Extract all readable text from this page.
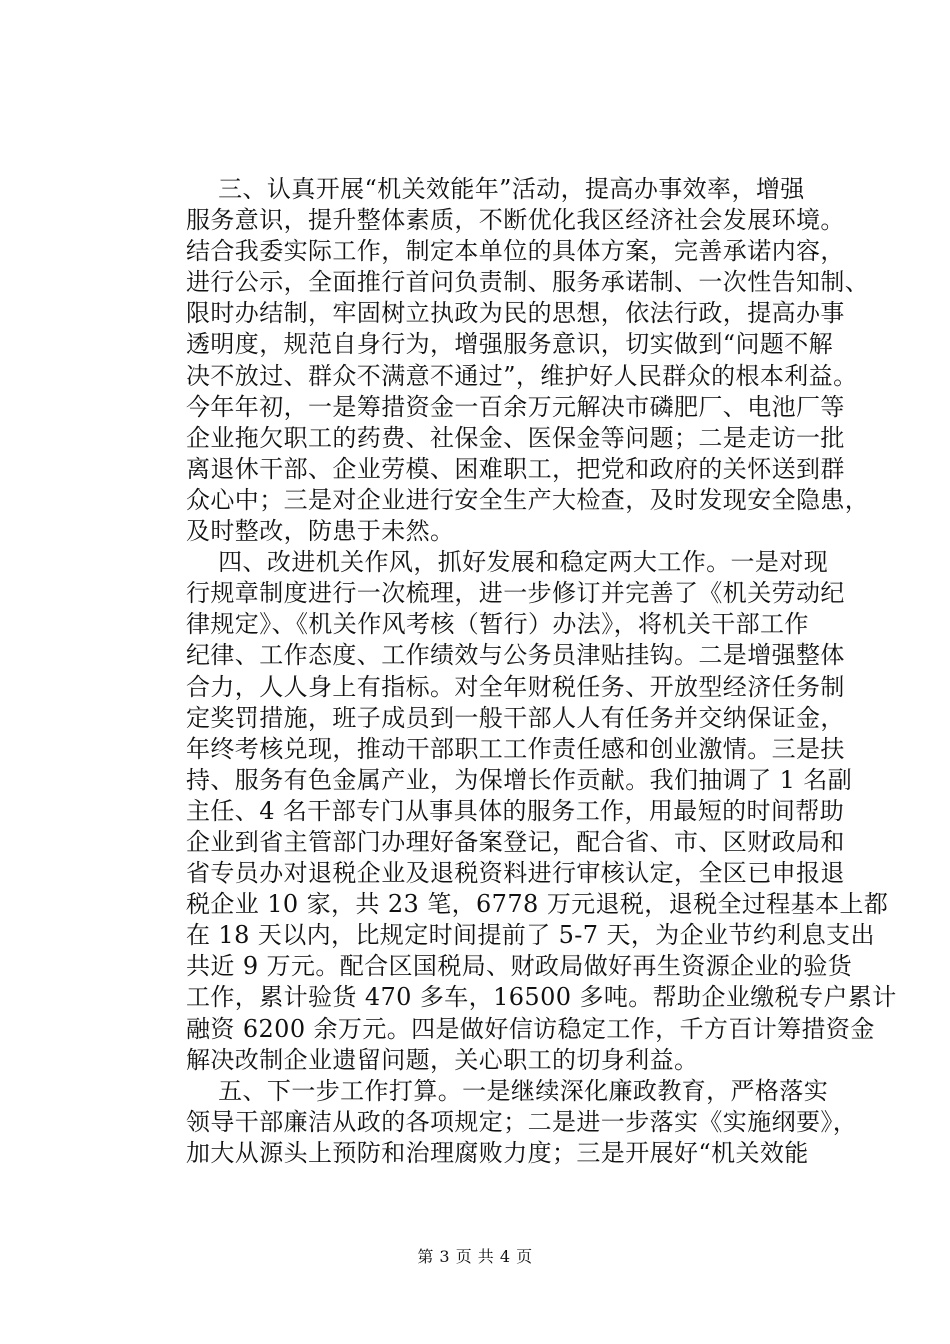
三、认真开展“机关效能年”活动，提高办事效率，增强
服务意识，提升整体素质，不断优化我区经济社会发展环境。
结合我委实际工作，制定本单位的具体方案，完善承诺内容，
进行公示，全面推行首问负责制、服务承诺制、一次性告知制、
限时办结制，牢固树立执政为民的思想，依法行政，提高办事
透明度，规范自身行为，增强服务意识，切实做到“问题不解
决不放过、群众不满意不通过”，维护好人民群众的根本利益。
今年年初，一是筹措资金一百余万元解决市磷肥厂、电池厂等
企业拖欠职工的药费、社保金、医保金等问题；二是走访一批
离退休干部、企业劳模、困难职工，把党和政府的关怀送到群
众心中；三是对企业进行安全生产大检查，及时发现安全隐患，
及时整改，防患于未然。
四、改进机关作风，抓好发展和稳定两大工作。一是对现
行规章制度进行一次梳理，进一步修订并完善了《机关劳动纪
律规定》、《机关作风考核（暂行）办法》，将机关干部工作
纪律、工作态度、工作绩效与公务员津贴挂钩。二是增强整体
合力，人人身上有指标。对全年财税任务、开放型经济任务制
定奖罚措施，班子成员到一般干部人人有任务并交纳保证金，
年终考核兑现，推动干部职工工作责任感和创业激情。三是扶
持、服务有色金属产业，为保增长作贡献。我们抽调了 1 名副
主任、4 名干部专门从事具体的服务工作，用最短的时间帮助
企业到省主管部门办理好备案登记，配合省、市、区财政局和
省专员办对退税企业及退税资料进行审核认定，全区已申报退
税企业 10 家，共 23 笔，6778 万元退税，退税全过程基本上都
在 18 天以内，比规定时间提前了 5-7 天，为企业节约利息支出
共近 9 万元。配合区国税局、财政局做好再生资源企业的验货
工作，累计验货 470 多车，16500 多吨。帮助企业缴税专户累计
融资 6200 余万元。四是做好信访稳定工作，千方百计筹措资金
解决改制企业遗留问题，关心职工的切身利益。
五、下一步工作打算。一是继续深化廉政教育，严格落实
领导干部廉洁从政的各项规定；二是进一步落实《实施纲要》，
加大从源头上预防和治理腐败力度；三是开展好“机关效能
第 3 页 共 4 页
